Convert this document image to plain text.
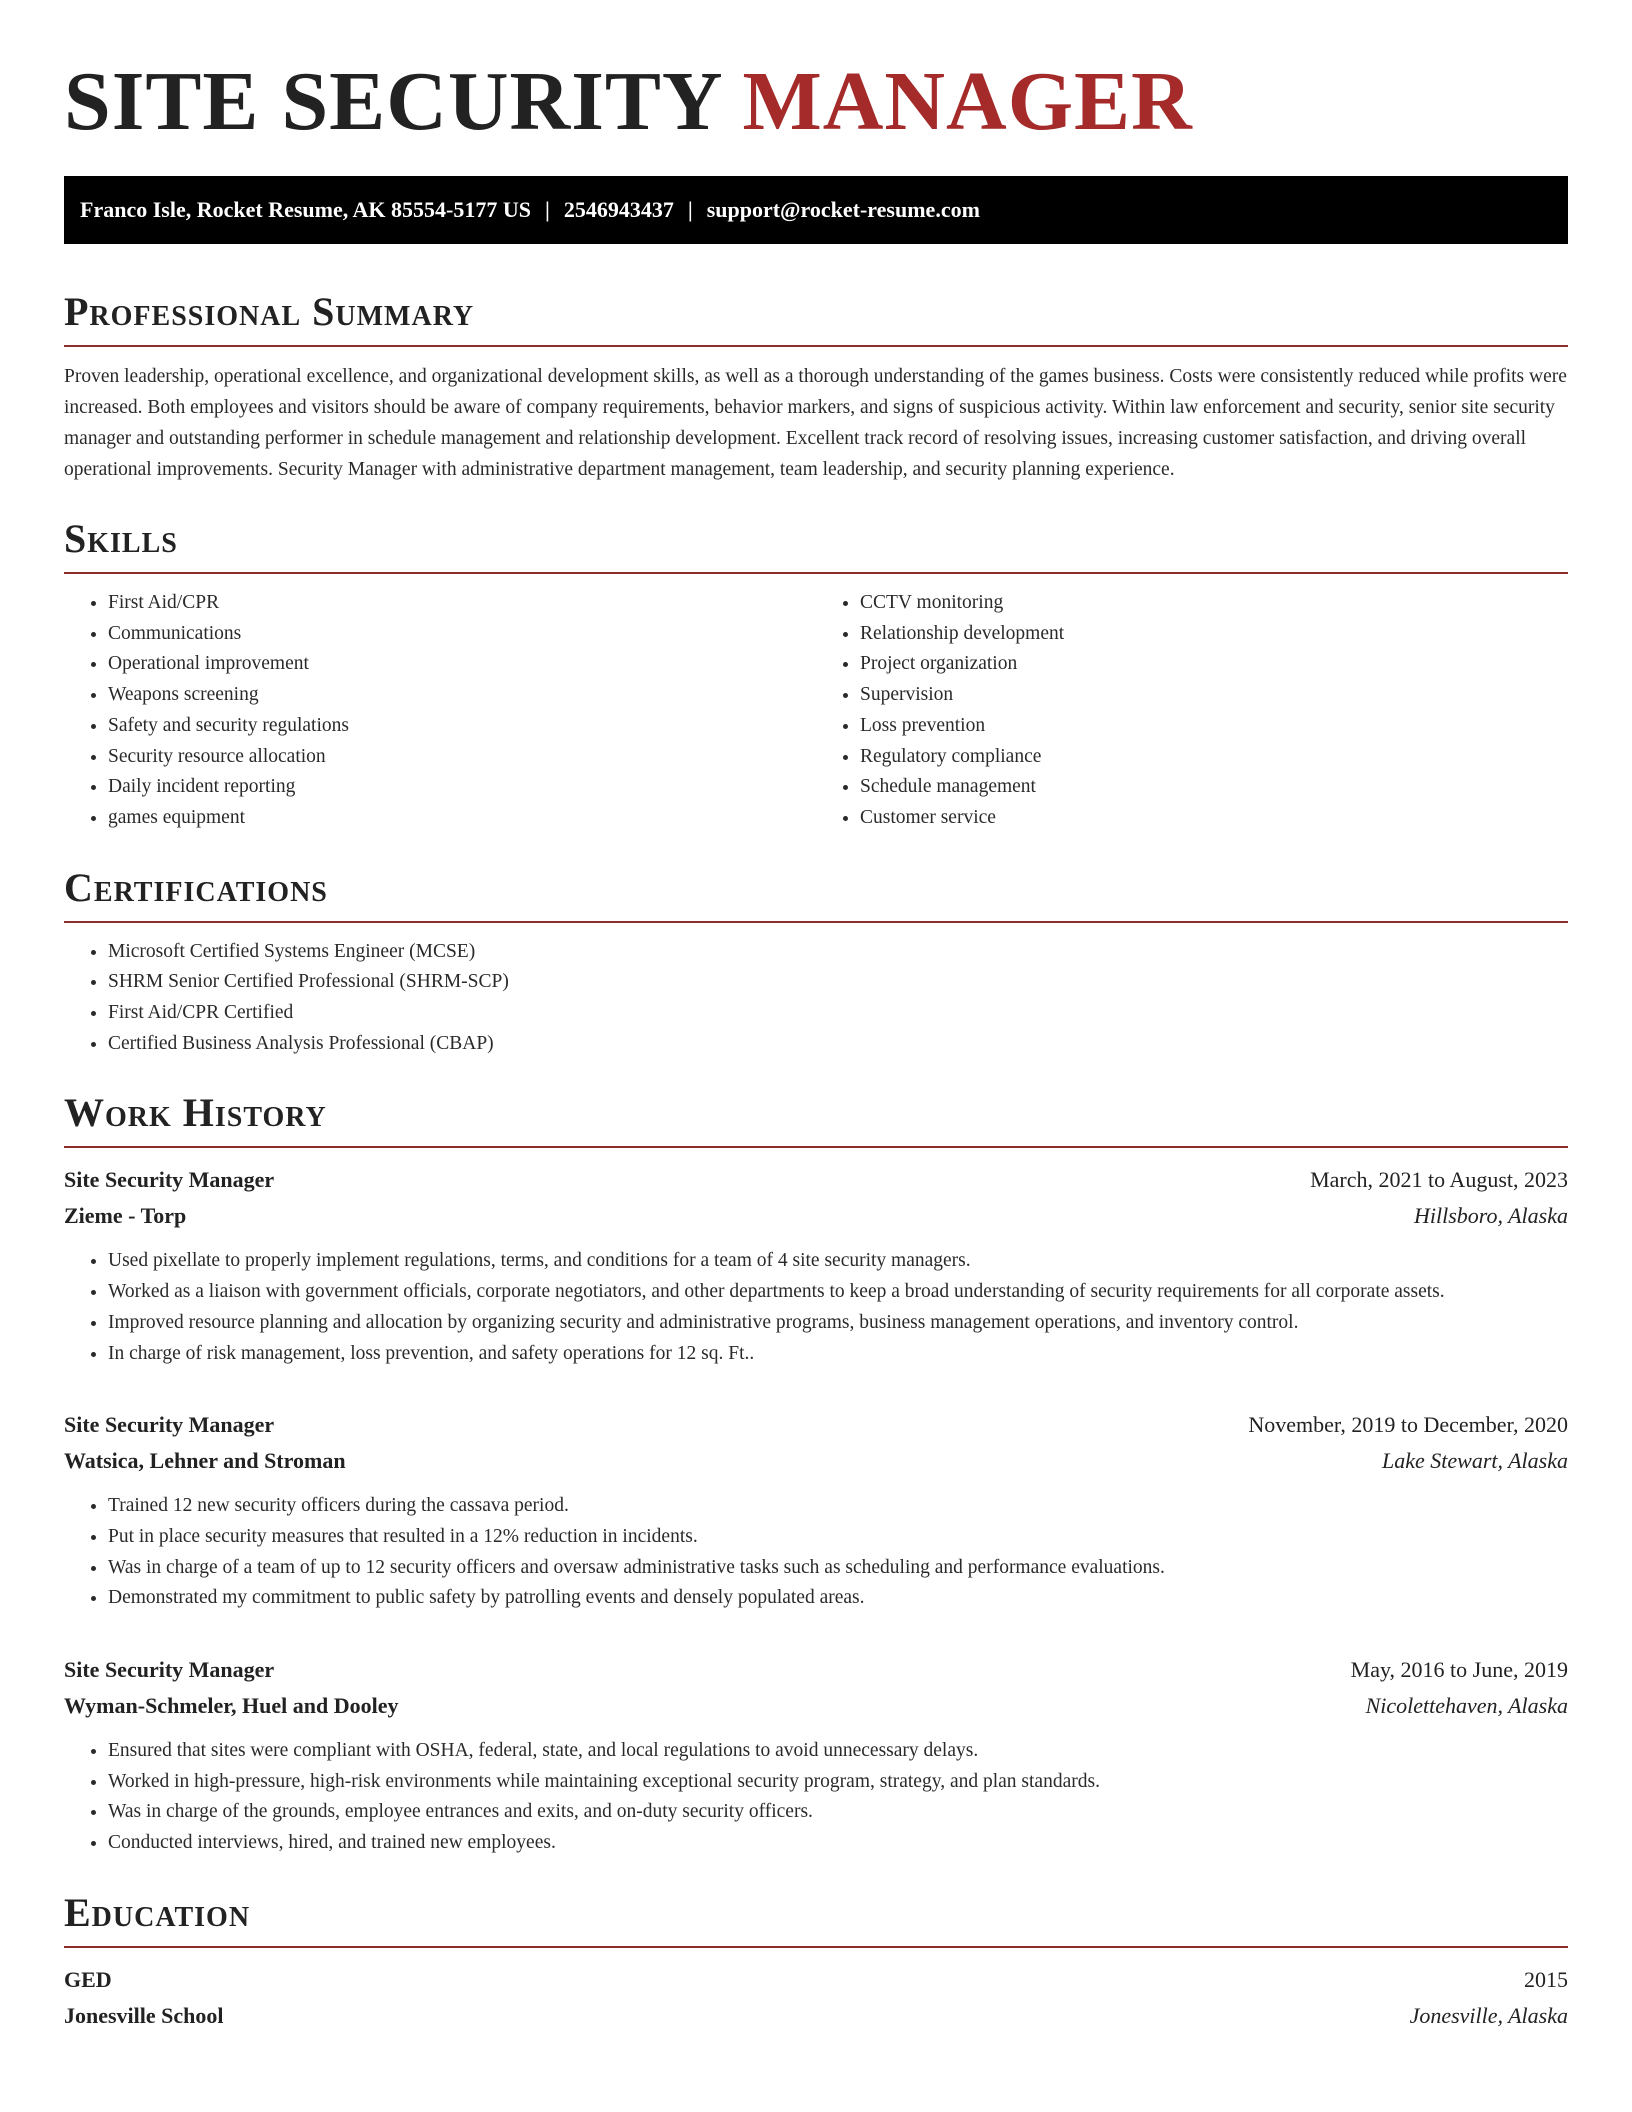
SITE SECURITY MANAGER
Franco Isle, Rocket Resume, AK 85554-5177 US | 2546943437 | support@rocket-resume.com
Professional Summary

Proven leadership, operational excellence, and organizational development skills, as well as a thorough understanding of the games business. Costs were consistently reduced while profits were increased. Both employees and visitors should be aware of company requirements, behavior markers, and signs of suspicious activity. Within law enforcement and security, senior site security manager and outstanding performer in schedule management and relationship development. Excellent track record of resolving issues, increasing customer satisfaction, and driving overall operational improvements. Security Manager with administrative department management, team leadership, and security planning experience.

Skills
• First Aid/CPR
• Communications
• Operational improvement
• Weapons screening
• Safety and security regulations
• Security resource allocation
• Daily incident reporting
• games equipment
• CCTV monitoring
• Relationship development
• Project organization
• Supervision
• Loss prevention
• Regulatory compliance
• Schedule management
• Customer service
Certifications
• Microsoft Certified Systems Engineer (MCSE)
• SHRM Senior Certified Professional (SHRM-SCP)
• First Aid/CPR Certified
• Certified Business Analysis Professional (CBAP)
Work History
Site Security Manager	March, 2021 to August, 2023
Zieme - Torp	Hillsboro, Alaska
• Used pixellate to properly implement regulations, terms, and conditions for a team of 4 site security managers.
• Worked as a liaison with government officials, corporate negotiators, and other departments to keep a broad understanding of security requirements for all corporate assets.
• Improved resource planning and allocation by organizing security and administrative programs, business management operations, and inventory control.
• In charge of risk management, loss prevention, and safety operations for 12 sq. Ft..
Site Security Manager	November, 2019 to December, 2020
Watsica, Lehner and Stroman	Lake Stewart, Alaska
• Trained 12 new security officers during the cassava period.
• Put in place security measures that resulted in a 12% reduction in incidents.
• Was in charge of a team of up to 12 security officers and oversaw administrative tasks such as scheduling and performance evaluations.
• Demonstrated my commitment to public safety by patrolling events and densely populated areas.
Site Security Manager	May, 2016 to June, 2019
Wyman-Schmeler, Huel and Dooley	Nicolettehaven, Alaska
• Ensured that sites were compliant with OSHA, federal, state, and local regulations to avoid unnecessary delays.
• Worked in high-pressure, high-risk environments while maintaining exceptional security program, strategy, and plan standards.
• Was in charge of the grounds, employee entrances and exits, and on-duty security officers.
• Conducted interviews, hired, and trained new employees.
Education
GED	2015
Jonesville School	Jonesville, Alaska
